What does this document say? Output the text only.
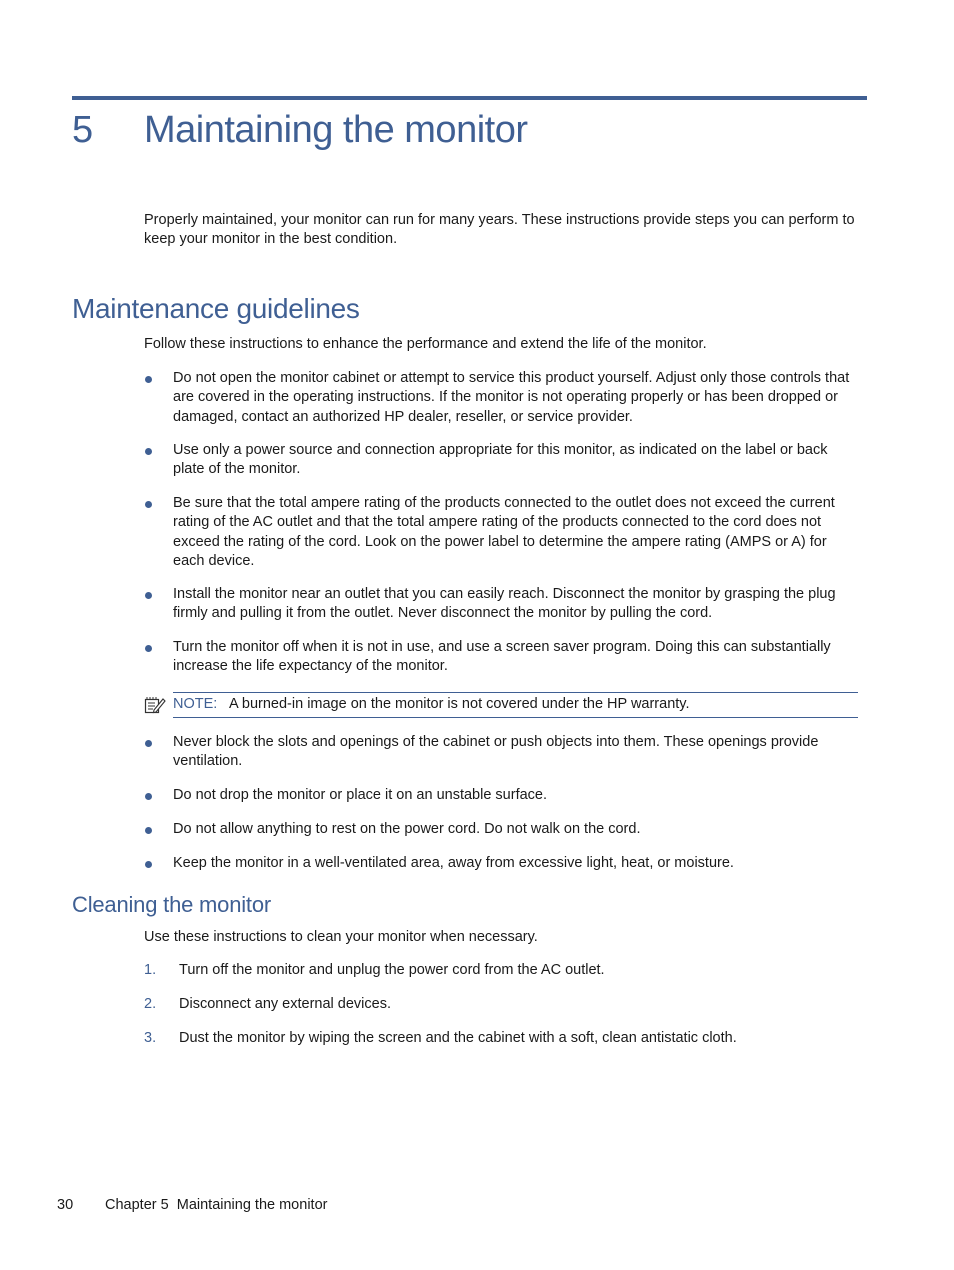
5 Maintaining the monitor
Properly maintained, your monitor can run for many years. These instructions provide steps you can perform to keep your monitor in the best condition.
Maintenance guidelines
Follow these instructions to enhance the performance and extend the life of the monitor.
Do not open the monitor cabinet or attempt to service this product yourself. Adjust only those controls that are covered in the operating instructions. If the monitor is not operating properly or has been dropped or damaged, contact an authorized HP dealer, reseller, or service provider.
Use only a power source and connection appropriate for this monitor, as indicated on the label or back plate of the monitor.
Be sure that the total ampere rating of the products connected to the outlet does not exceed the current rating of the AC outlet and that the total ampere rating of the products connected to the cord does not exceed the rating of the cord. Look on the power label to determine the ampere rating (AMPS or A) for each device.
Install the monitor near an outlet that you can easily reach. Disconnect the monitor by grasping the plug firmly and pulling it from the outlet. Never disconnect the monitor by pulling the cord.
Turn the monitor off when it is not in use, and use a screen saver program. Doing this can substantially increase the life expectancy of the monitor.
NOTE: A burned-in image on the monitor is not covered under the HP warranty.
Never block the slots and openings of the cabinet or push objects into them. These openings provide ventilation.
Do not drop the monitor or place it on an unstable surface.
Do not allow anything to rest on the power cord. Do not walk on the cord.
Keep the monitor in a well-ventilated area, away from excessive light, heat, or moisture.
Cleaning the monitor
Use these instructions to clean your monitor when necessary.
1. Turn off the monitor and unplug the power cord from the AC outlet.
2. Disconnect any external devices.
3. Dust the monitor by wiping the screen and the cabinet with a soft, clean antistatic cloth.
30 Chapter 5  Maintaining the monitor
